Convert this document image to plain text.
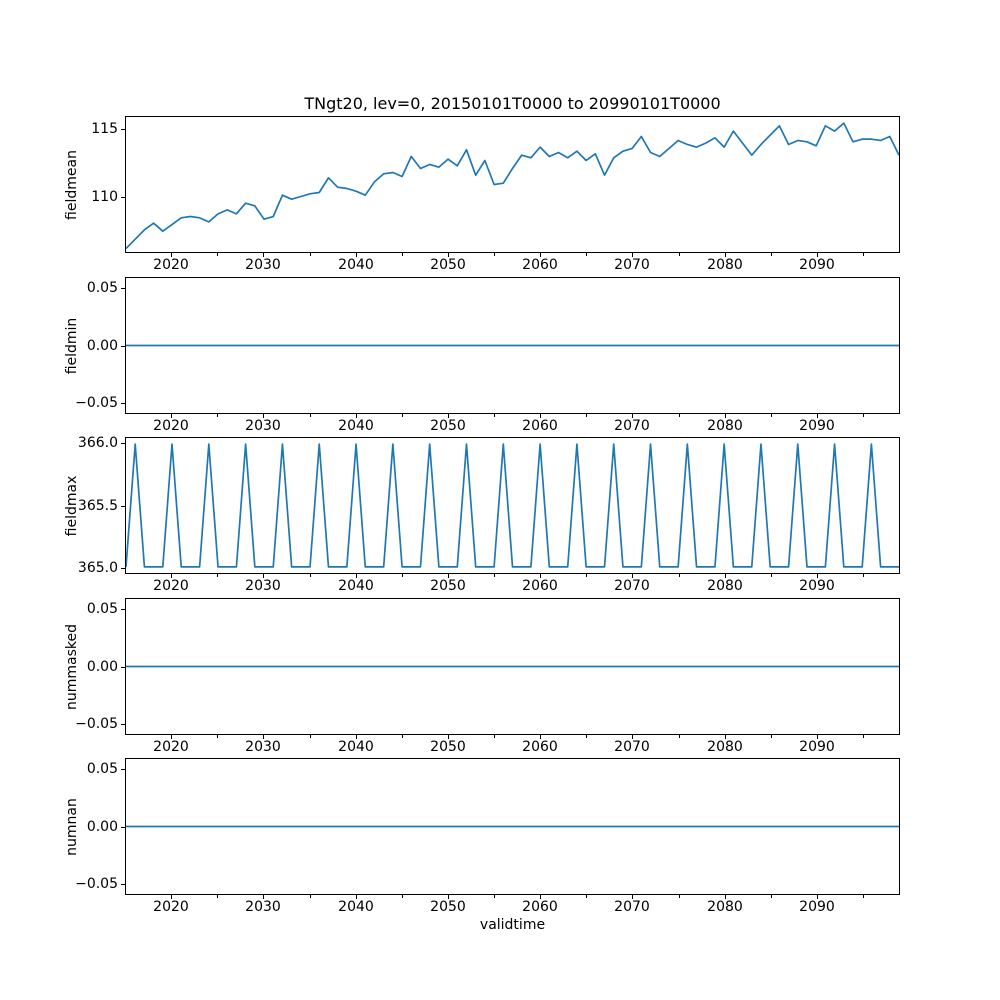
TNgt20, lev=0, 20150101T0000 to 20990101T0000
fieldmean
fieldmin
fieldmax
nummasked
numnan
validtime
110
115
2020	2030	2040	2050	2060	2070	2080	2090
−0.05
0.00
0.05
2020	2030	2040	2050	2060	2070	2080	2090
365.0
365.5
366.0
2020	2030	2040	2050	2060	2070	2080	2090
−0.05
0.00
0.05
2020	2030	2040	2050	2060	2070	2080	2090
−0.05
0.00
0.05
2020	2030	2040	2050	2060	2070	2080	2090
